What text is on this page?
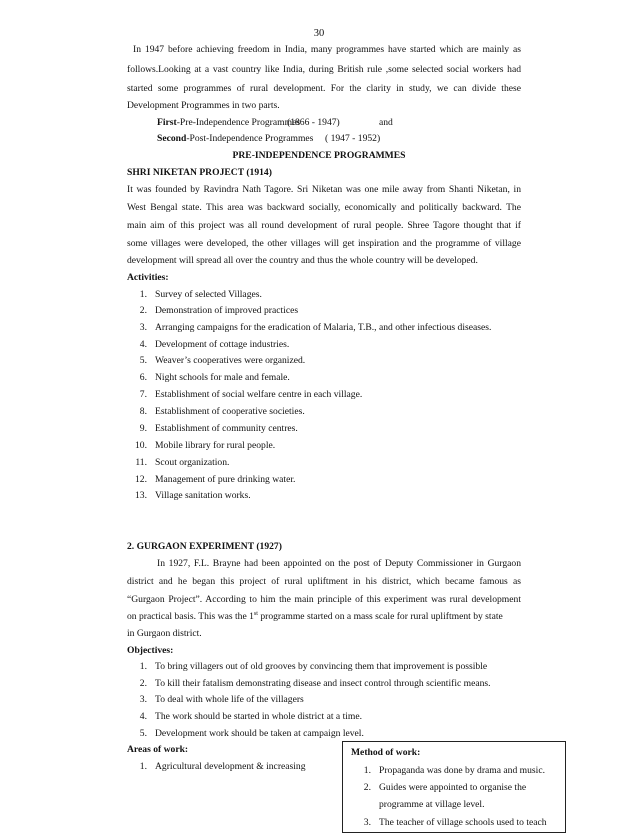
30
In 1947 before achieving freedom in India, many programmes have started which are mainly as
follows.Looking at a vast country like India, during British rule ,some selected social workers had
started some programmes of rural development. For the clarity in study, we can divide these
Development Programmes in two parts.
First-Pre-Independence Programmes
(1866 - 1947)	and
Second-Post-Independence Programmes ( 1947 - 1952)
PRE-INDEPENDENCE PROGRAMMES
SHRI NIKETAN PROJECT (1914)
It was founded by Ravindra Nath Tagore. Sri Niketan was one mile away from Shanti Niketan, in
West Bengal state. This area was backward socially, economically and politically backward. The
main aim of this project was all round development of rural people. Shree Tagore thought that if
some villages were developed, the other villages will get inspiration and the programme of village
development will spread all over the country and thus the whole country will be developed.
Activities:
1. Survey of selected Villages.
2. Demonstration of improved practices
3. Arranging campaigns for the eradication of Malaria, T.B., and other infectious diseases.
4. Development of cottage industries.
5. Weaver’s cooperatives were organized.
6. Night schools for male and female.
7. Establishment of social welfare centre in each village.
8. Establishment of cooperative societies.
9. Establishment of community centres.
10. Mobile library for rural people.
11. Scout organization.
12. Management of pure drinking water.
13. Village sanitation works.
2. GURGAON EXPERIMENT (1927)
In 1927, F.L. Brayne had been appointed on the post of Deputy Commissioner in Gurgaon
district and he began this project of rural upliftment in his district, which became famous as
“Gurgaon Project”. According to him the main principle of this experiment was rural development
on practical basis. This was the 1st programme started on a mass scale for rural upliftment by state
in Gurgaon district.
Objectives:
1. To bring villagers out of old grooves by convincing them that improvement is possible
2. To kill their fatalism demonstrating disease and insect control through scientific means.
3. To deal with whole life of the villagers
4. The work should be started in whole district at a time.
5. Development work should be taken at campaign level.
Areas of work:
1. Agricultural development & increasing
Method of work:
1. Propaganda was done by drama and music.
2. Guides were appointed to organise the
programme at village level.
3. The teacher of village schools used to teach
